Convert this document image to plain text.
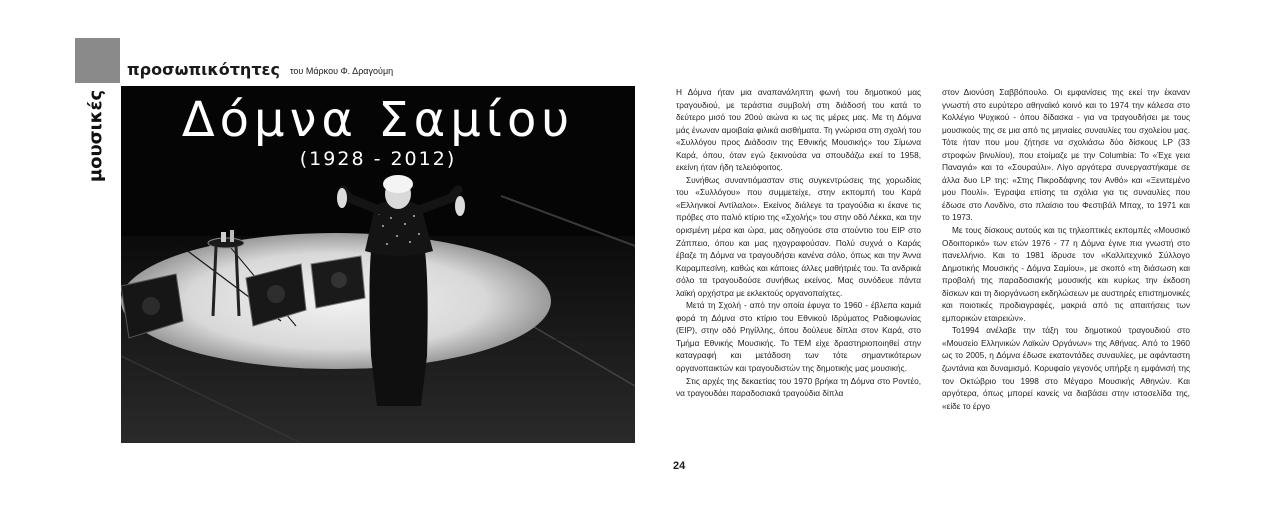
μουσικές
προσωπικότητες του Μάρκου Φ. Δραγούμη
Δόμνα Σαμίου
(1928 - 2012)

Η Δόμνα ήταν μια αναπανάληπτη φωνή του δημοτικού μας τραγουδιού, με τεράστια συμβολή στη διάδοσή του κατά το δεύτερο μισό του 20ού αιώνα κι ως τις μέρες μας. Με τη Δόμνα μάς ένωναν αμοιβαία φιλικά αισθήματα. Τη γνώρισα στη σχολή του «Συλλόγου προς Διάδοσιν της Εθνικής Μουσικής» του Σίμωνα Καρά, όπου, όταν εγώ ξεκινούσα να σπουδάζω εκεί το 1958, εκείνη ήταν ήδη τελειόφοιτος.

Συνήθως συναντιόμασταν στις συγκεντρώσεις της χορωδίας του «Συλλόγου» που συμμετείχε, στην εκπομπή του Καρά «Ελληνικοί Αντίλαλοι». Εκείνος διάλεγε τα τραγούδια κι έκανε τις πρόβες στο παλιό κτίριο της «Σχολής» του στην οδό Λέκκα, και την ορισμένη μέρα και ώρα, μας οδηγούσε στα στούντιο του ΕΙΡ στο Ζάππειο, όπου και μας ηχογραφούσαν. Πολύ συχνά ο Καράς έβαζε τη Δόμνα να τραγουδήσει κανένα σόλο, όπως και την Άννα Καραμπεσίνη, καθώς και κάποιες άλλες μαθήτριές του. Τα ανδρικά σόλο τα τραγουδούσε συνήθως εκείνος. Μας συνόδευε πάντα λαϊκή ορχήστρα με εκλεκτούς οργανοπαίχτες.

Μετά τη Σχολή - από την οποία έφυγα το 1960 - έβλεπα καμιά φορά τη Δόμνα στο κτίριο του Εθνικού Ιδρύματος Ραδιοφωνίας (ΕΙΡ), στην οδό Ρηγίλλης, όπου δούλευε δίπλα στον Καρά, στο Τμήμα Εθνικής Μουσικής. Το ΤΕΜ είχε δραστηριοποιηθεί στην καταγραφή και μετάδοση των τότε σημαντικότερων οργανοπαικτών και τραγουδιστών της δημοτικής μας μουσικής.

Στις αρχές της δεκαετίας του 1970 βρήκα τη Δόμνα στο Ροντέο, να τραγουδάει παραδοσιακά τραγούδια δίπλα

στον Διονύση Σαββόπουλο. Οι εμφανίσεις της εκεί την έκαναν γνωστή στο ευρύτερο αθηναϊκό κοινό και το 1974 την κάλεσα στο Κολλέγιο Ψυχικού - όπου δίδασκα - για να τραγουδήσει με τους μουσικούς της σε μια από τις μηνιαίες συναυλίες του σχολείου μας. Τότε ήταν που μου ζήτησε να σχολιάσω δύο δίσκους LP (33 στροφών βινυλίου), που ετοίμαζε με την Columbia: Το «Έχε γεια Παναγιά» και το «Σουραύλι». Λίγο αργότερα συνεργαστήκαμε σε άλλα δυο LP της: «Στης Πικροδάφνης τον Ανθό» και «Ξενιτεμένο μου Πουλί». Έγραψα επίσης τα σχόλια για τις συναυλίες που έδωσε στο Λονδίνο, στο πλαίσιο του Φεστιβάλ Μπαχ, το 1971 και το 1973.

Με τους δίσκους αυτούς και τις τηλεοπτικές εκπομπές «Μουσικό Οδοιπορικό» των ετών 1976 - 77 η Δόμνα έγινε πια γνωστή στο πανελλήνιο. Και το 1981 ίδρυσε τον «Καλλιτεχνικό Σύλλογο Δημοτικής Μουσικής - Δόμνα Σαμίου», με σκοπό «τη διάσωση και προβολή της παραδοσιακής μουσικής και κυρίως την έκδοση δίσκων και τη διοργάνωση εκδηλώσεων με αυστηρές επιστημονικές και ποιοτικές προδιαγραφές, μακριά από τις απαιτήσεις των εμπορικών εταιρειών».

Το1994 ανέλαβε την τάξη του δημοτικού τραγουδιού στο «Μουσείο Ελληνικών Λαϊκών Οργάνων» της Αθήνας. Από το 1960 ως το 2005, η Δόμνα έδωσε εκατοντάδες συναυλίες, με αφάνταστη ζωντάνια και δυναμισμό. Κορυφαίο γεγονός υπήρξε η εμφάνισή της τον Οκτώβριο του 1998 στο Μέγαρο Μουσικής Αθηνών. Και αργότερα, όπως μπορεί κανείς να διαβάσει στην ιστοσελίδα της, «είδε το έργο

24
